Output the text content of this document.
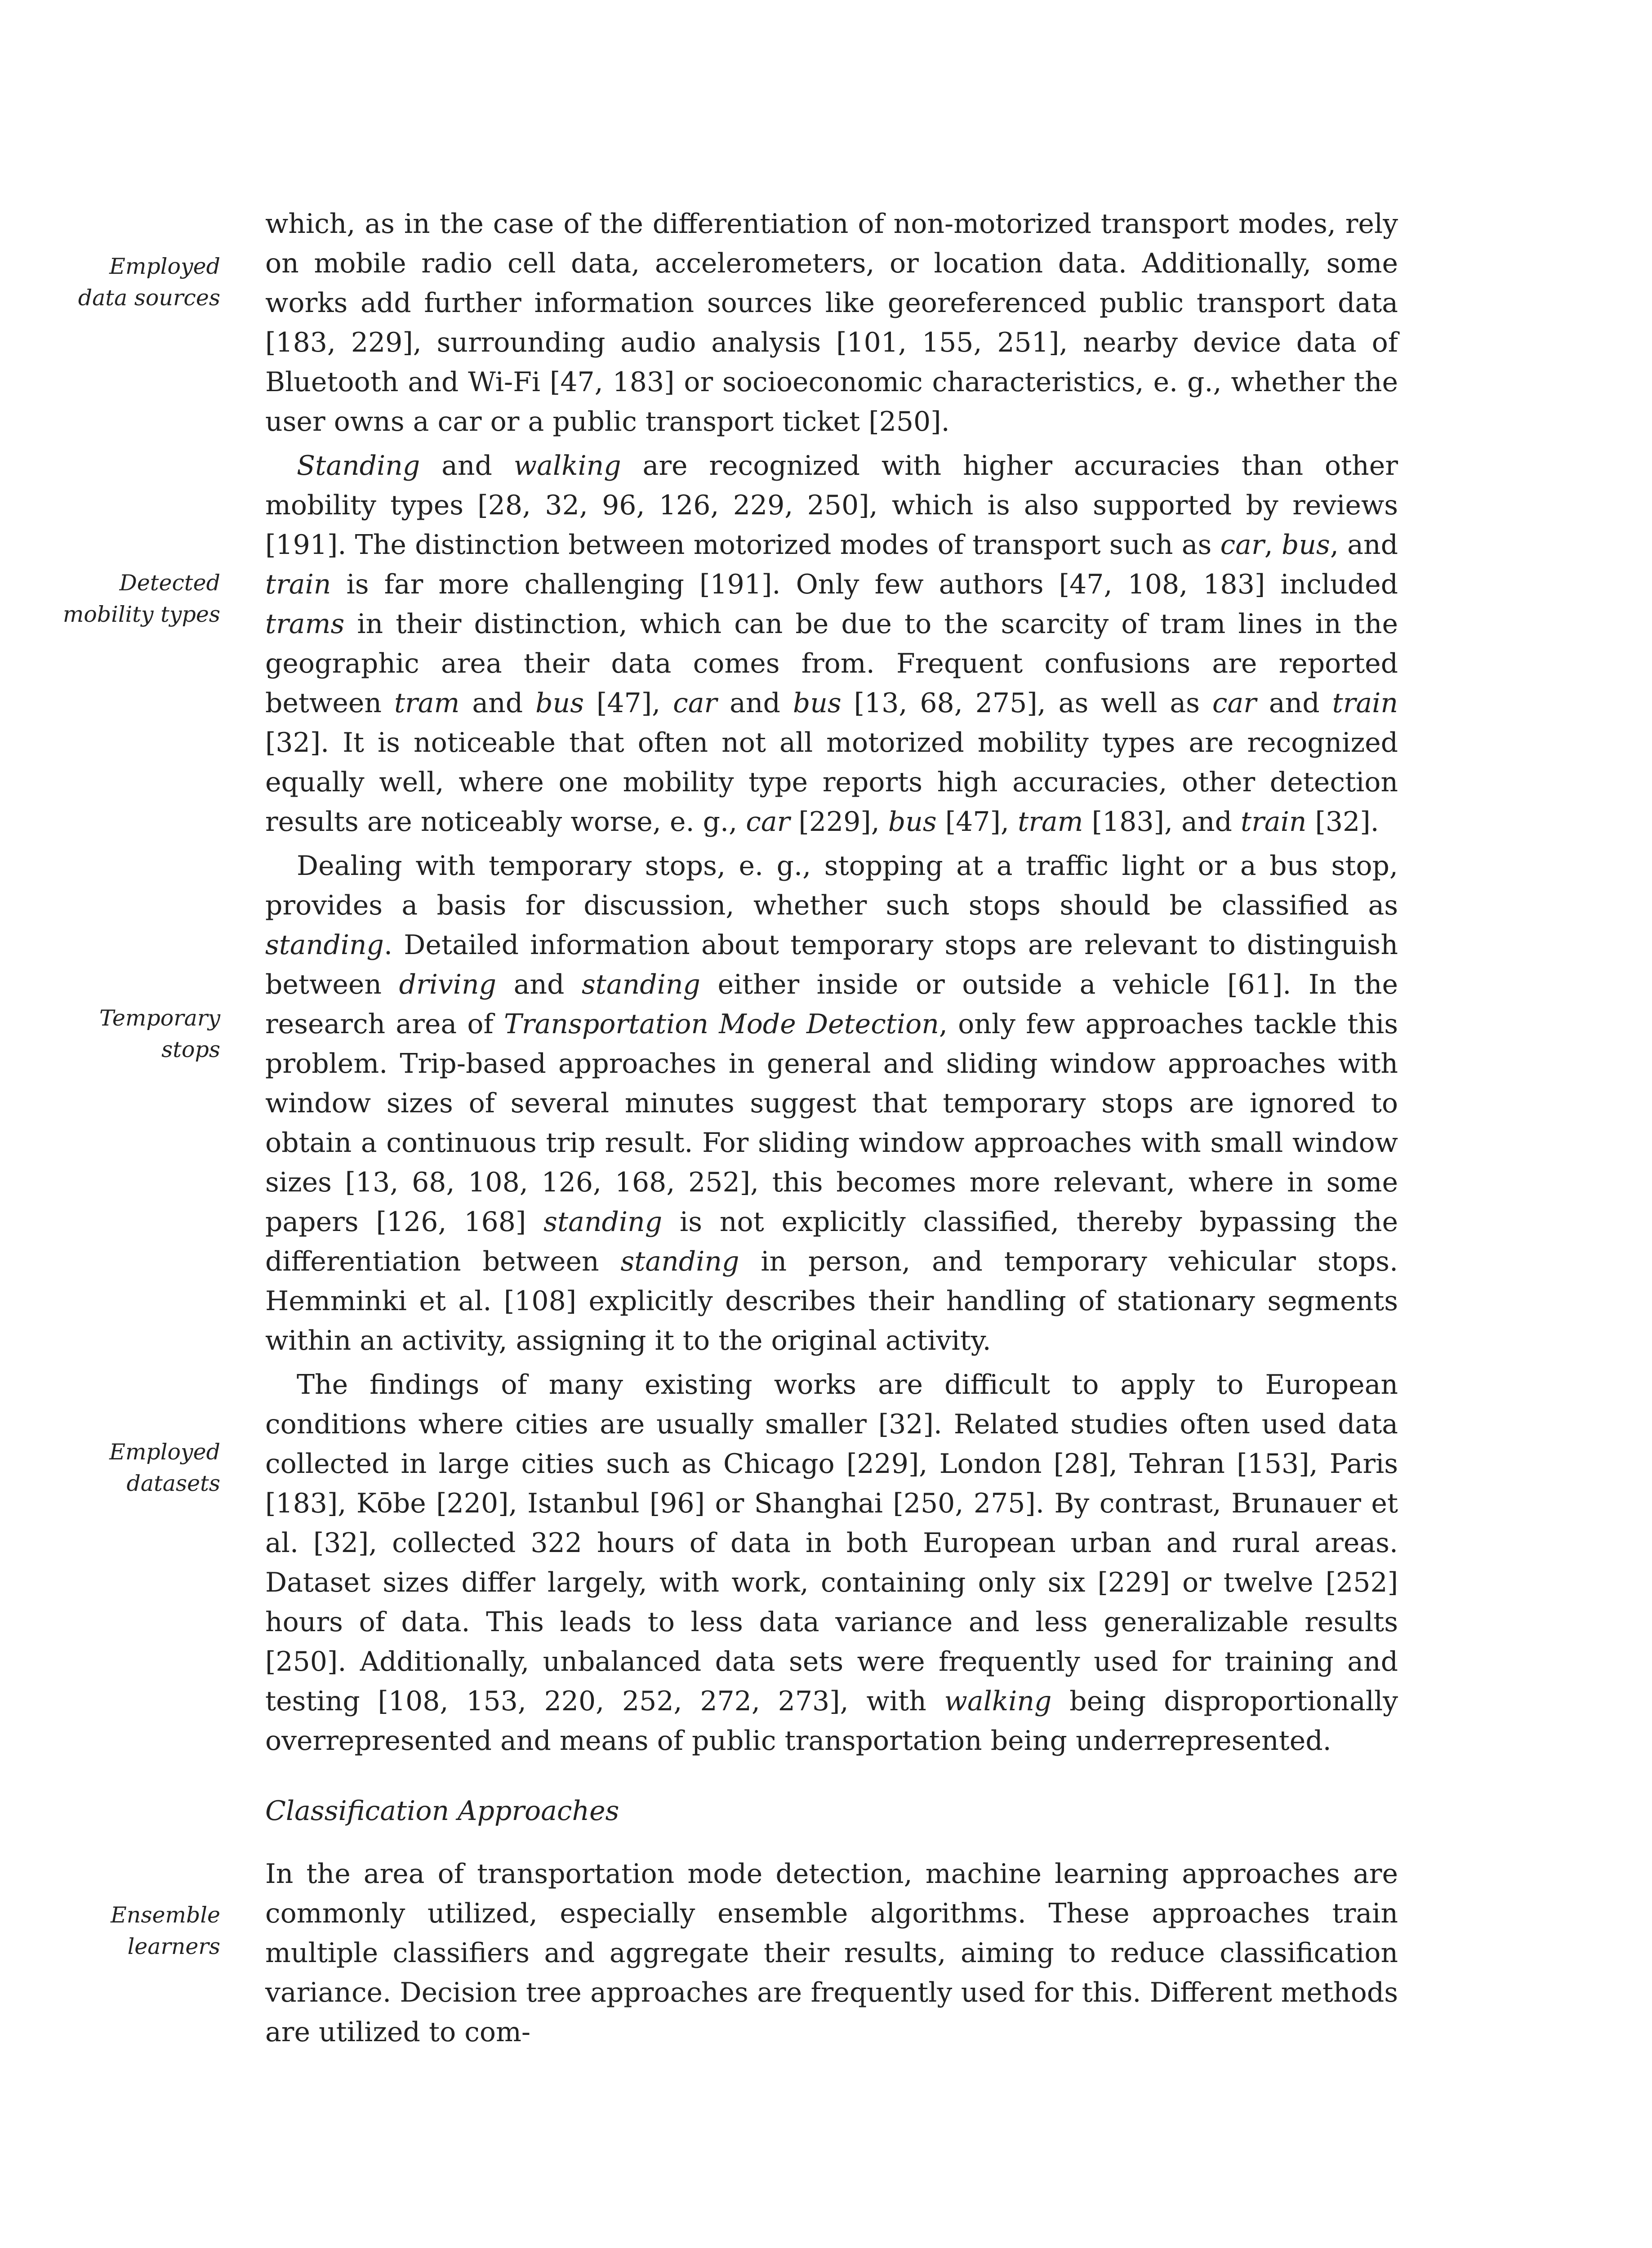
Employed
data sources
Detected
mobility types
Temporary
stops
Employed
datasets
Ensemble
learners

which, as in the case of the differentiation of non-motorized transport modes, rely on mobile radio cell data, accelerometers, or location data. Additionally, some works add further information sources like georeferenced public transport data [183, 229], surrounding audio analysis [101, 155, 251], nearby device data of Bluetooth and Wi-Fi [47, 183] or socioeconomic characteristics, e. g., whether the user owns a car or a public transport ticket [250].

Standing and walking are recognized with higher accuracies than other mobility types [28, 32, 96, 126, 229, 250], which is also supported by reviews [191]. The distinction between motorized modes of transport such as car, bus, and train is far more challenging [191]. Only few authors [47, 108, 183] included trams in their distinction, which can be due to the scarcity of tram lines in the geographic area their data comes from. Frequent confusions are reported between tram and bus [47], car and bus [13, 68, 275], as well as car and train [32]. It is noticeable that often not all motorized mobility types are recognized equally well, where one mobility type reports high accuracies, other detection results are noticeably worse, e. g., car [229], bus [47], tram [183], and train [32].

Dealing with temporary stops, e. g., stopping at a traffic light or a bus stop, provides a basis for discussion, whether such stops should be classified as standing. Detailed information about temporary stops are relevant to distinguish between driving and standing either inside or outside a vehicle [61]. In the research area of Transportation Mode Detection, only few approaches tackle this problem. Trip-based approaches in general and sliding window approaches with window sizes of several minutes suggest that temporary stops are ignored to obtain a continuous trip result. For sliding window approaches with small window sizes [13, 68, 108, 126, 168, 252], this becomes more relevant, where in some papers [126, 168] standing is not explicitly classified, thereby bypassing the differentiation between standing in person, and temporary vehicular stops. Hemminki et al. [108] explicitly describes their handling of stationary segments within an activity, assigning it to the original activity.

The findings of many existing works are difficult to apply to European conditions where cities are usually smaller [32]. Related studies often used data collected in large cities such as Chicago [229], London [28], Tehran [153], Paris [183], Kōbe [220], Istanbul [96] or Shanghai [250, 275]. By contrast, Brunauer et al. [32], collected 322 hours of data in both European urban and rural areas. Dataset sizes differ largely, with work, containing only six [229] or twelve [252] hours of data. This leads to less data variance and less generalizable results [250]. Additionally, unbalanced data sets were frequently used for training and testing [108, 153, 220, 252, 272, 273], with walking being disproportionally overrepresented and means of public transportation being underrepresented.

Classification Approaches

In the area of transportation mode detection, machine learning approaches are commonly utilized, especially ensemble algorithms. These approaches train multiple classifiers and aggregate their results, aiming to reduce classification variance. Decision tree approaches are frequently used for this. Different methods are utilized to com-
